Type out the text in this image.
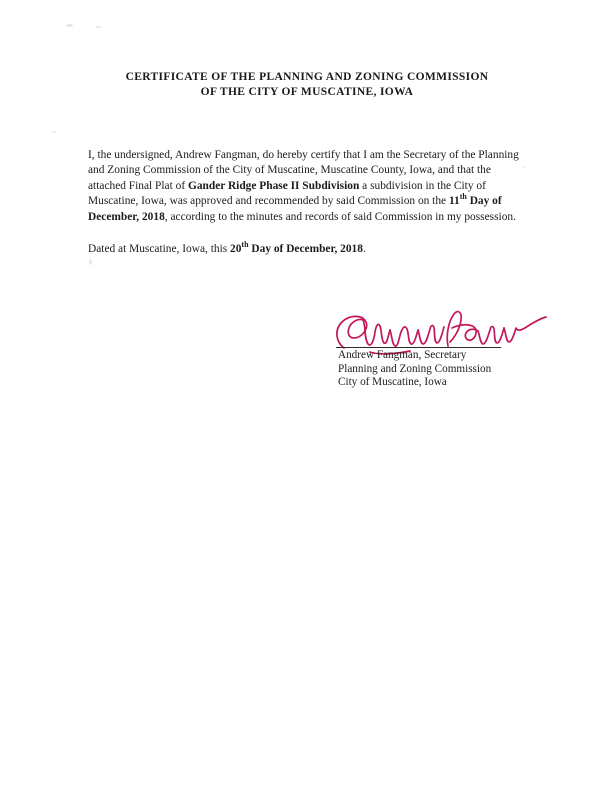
CERTIFICATE OF THE PLANNING AND ZONING COMMISSION
OF THE CITY OF MUSCATINE, IOWA

I, the undersigned, Andrew Fangman, do hereby certify that I am the Secretary of the Planning and Zoning Commission of the City of Muscatine, Muscatine County, Iowa, and that the attached Final Plat of Gander Ridge Phase II Subdivision a subdivision in the City of Muscatine, Iowa, was approved and recommended by said Commission on the 11th Day of December, 2018, according to the minutes and records of said Commission in my possession.

Dated at Muscatine, Iowa, this 20th Day of December, 2018.

Andrew Fangman, Secretary
Planning and Zoning Commission
City of Muscatine, Iowa
